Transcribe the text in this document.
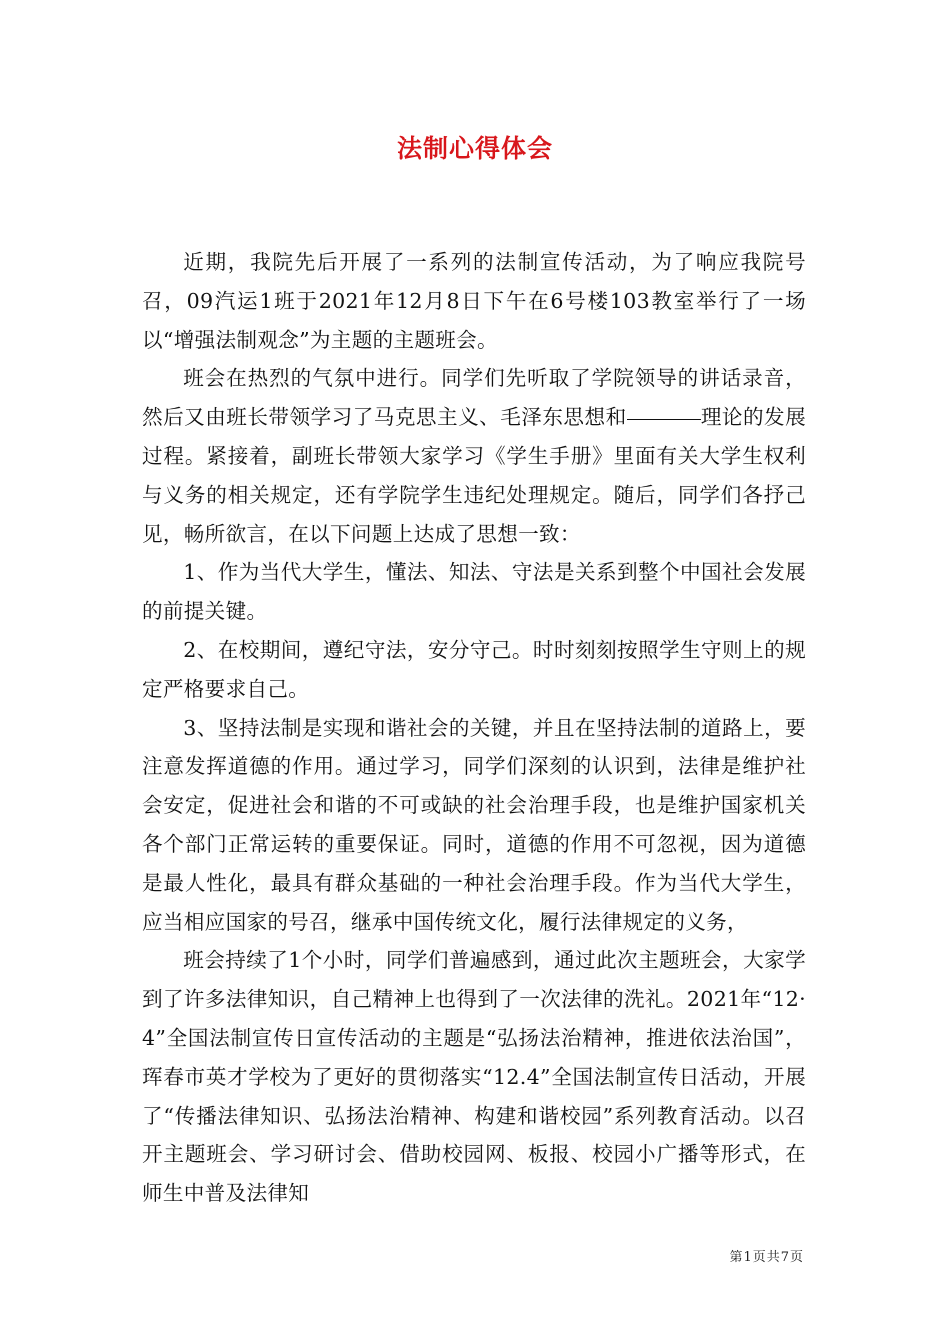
法制心得体会

近期，我院先后开展了一系列的法制宣传活动，为了响应我院号召，09汽运1班于2021年12月8日下午在6号楼103教室举行了一场以“增强法制观念”为主题的主题班会。

班会在热烈的气氛中进行。同学们先听取了学院领导的讲话录音，然后又由班长带领学习了马克思主义、毛泽东思想和	理论的发展过程。紧接着，副班长带领大家学习《学生手册》里面有关大学生权利与义务的相关规定，还有学院学生违纪处理规定。随后，同学们各抒己见，畅所欲言，在以下问题上达成了思想一致：

1、作为当代大学生，懂法、知法、守法是关系到整个中国社会发展的前提关键。

2、在校期间，遵纪守法，安分守己。时时刻刻按照学生守则上的规定严格要求自己。

3、坚持法制是实现和谐社会的关键，并且在坚持法制的道路上，要注意发挥道德的作用。通过学习，同学们深刻的认识到，法律是维护社会安定，促进社会和谐的不可或缺的社会治理手段，也是维护国家机关各个部门正常运转的重要保证。同时，道德的作用不可忽视，因为道德是最人性化，最具有群众基础的一种社会治理手段。作为当代大学生，应当相应国家的号召，继承中国传统文化，履行法律规定的义务，

班会持续了1个小时，同学们普遍感到，通过此次主题班会，大家学到了许多法律知识，自己精神上也得到了一次法律的洗礼。2021年“12·4”全国法制宣传日宣传活动的主题是“弘扬法治精神，推进依法治国”，珲春市英才学校为了更好的贯彻落实“12.4”全国法制宣传日活动，开展了“传播法律知识、弘扬法治精神、构建和谐校园”系列教育活动。以召开主题班会、学习研讨会、借助校园网、板报、校园小广播等形式，在师生中普及法律知

第1页共7页
